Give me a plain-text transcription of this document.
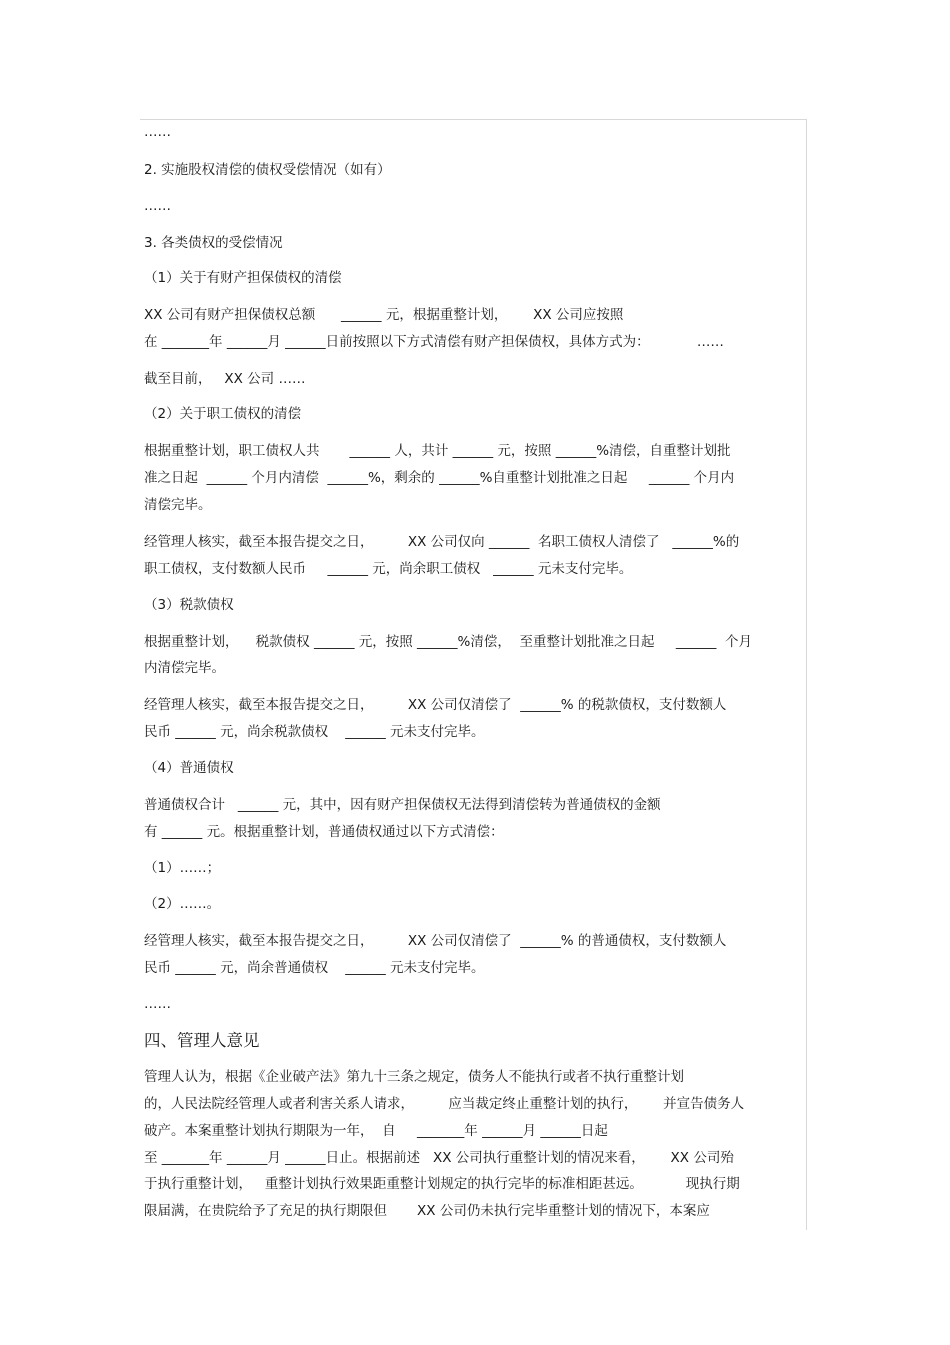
……
2. 实施股权清偿的债权受偿情况（如有）
……
3. 各类债权的受偿情况
（1）关于有财产担保债权的清偿
XX 公司有财产担保债权总额      ______ 元，根据重整计划，      XX 公司应按照
在 _______年 ______月 ______日前按照以下方式清偿有财产担保债权，具体方式为：           ……
截至目前，   XX 公司 ……
（2）关于职工债权的清偿
根据重整计划，职工债权人共       ______ 人，共计 ______ 元，按照 ______%清偿，自重整计划批
准之日起  ______ 个月内清偿  ______%，剩余的 ______%自重整计划批准之日起     ______ 个月内
清偿完毕。
经管理人核实，截至本报告提交之日，        XX 公司仅向 ______  名职工债权人清偿了   ______%的
职工债权，支付数额人民币     ______ 元，尚余职工债权   ______ 元未支付完毕。
（3）税款债权
根据重整计划，    税款债权 ______ 元，按照 ______%清偿，  至重整计划批准之日起     ______  个月
内清偿完毕。
经管理人核实，截至本报告提交之日，        XX 公司仅清偿了  ______% 的税款债权，支付数额人
民币 ______ 元，尚余税款债权    ______ 元未支付完毕。
（4）普通债权
普通债权合计   ______ 元，其中，因有财产担保债权无法得到清偿转为普通债权的金额
有 ______ 元。根据重整计划，普通债权通过以下方式清偿：
（1）……；
（2）……。
经管理人核实，截至本报告提交之日，        XX 公司仅清偿了  ______% 的普通债权，支付数额人
民币 ______ 元，尚余普通债权    ______ 元未支付完毕。
……
四、管理人意见
管理人认为，根据《企业破产法》第九十三条之规定，债务人不能执行或者不执行重整计划
的，人民法院经管理人或者利害关系人请求，        应当裁定终止重整计划的执行，      并宣告债务人
破产。本案重整计划执行期限为一年，  自     _______年 ______月 ______日起
至 _______年 ______月 ______日止。根据前述   XX 公司执行重整计划的情况来看，      XX 公司殆
于执行重整计划，   重整计划执行效果距重整计划规定的执行完毕的标准相距甚远。          现执行期
限届满，在贵院给予了充足的执行期限但       XX 公司仍未执行完毕重整计划的情况下，本案应
